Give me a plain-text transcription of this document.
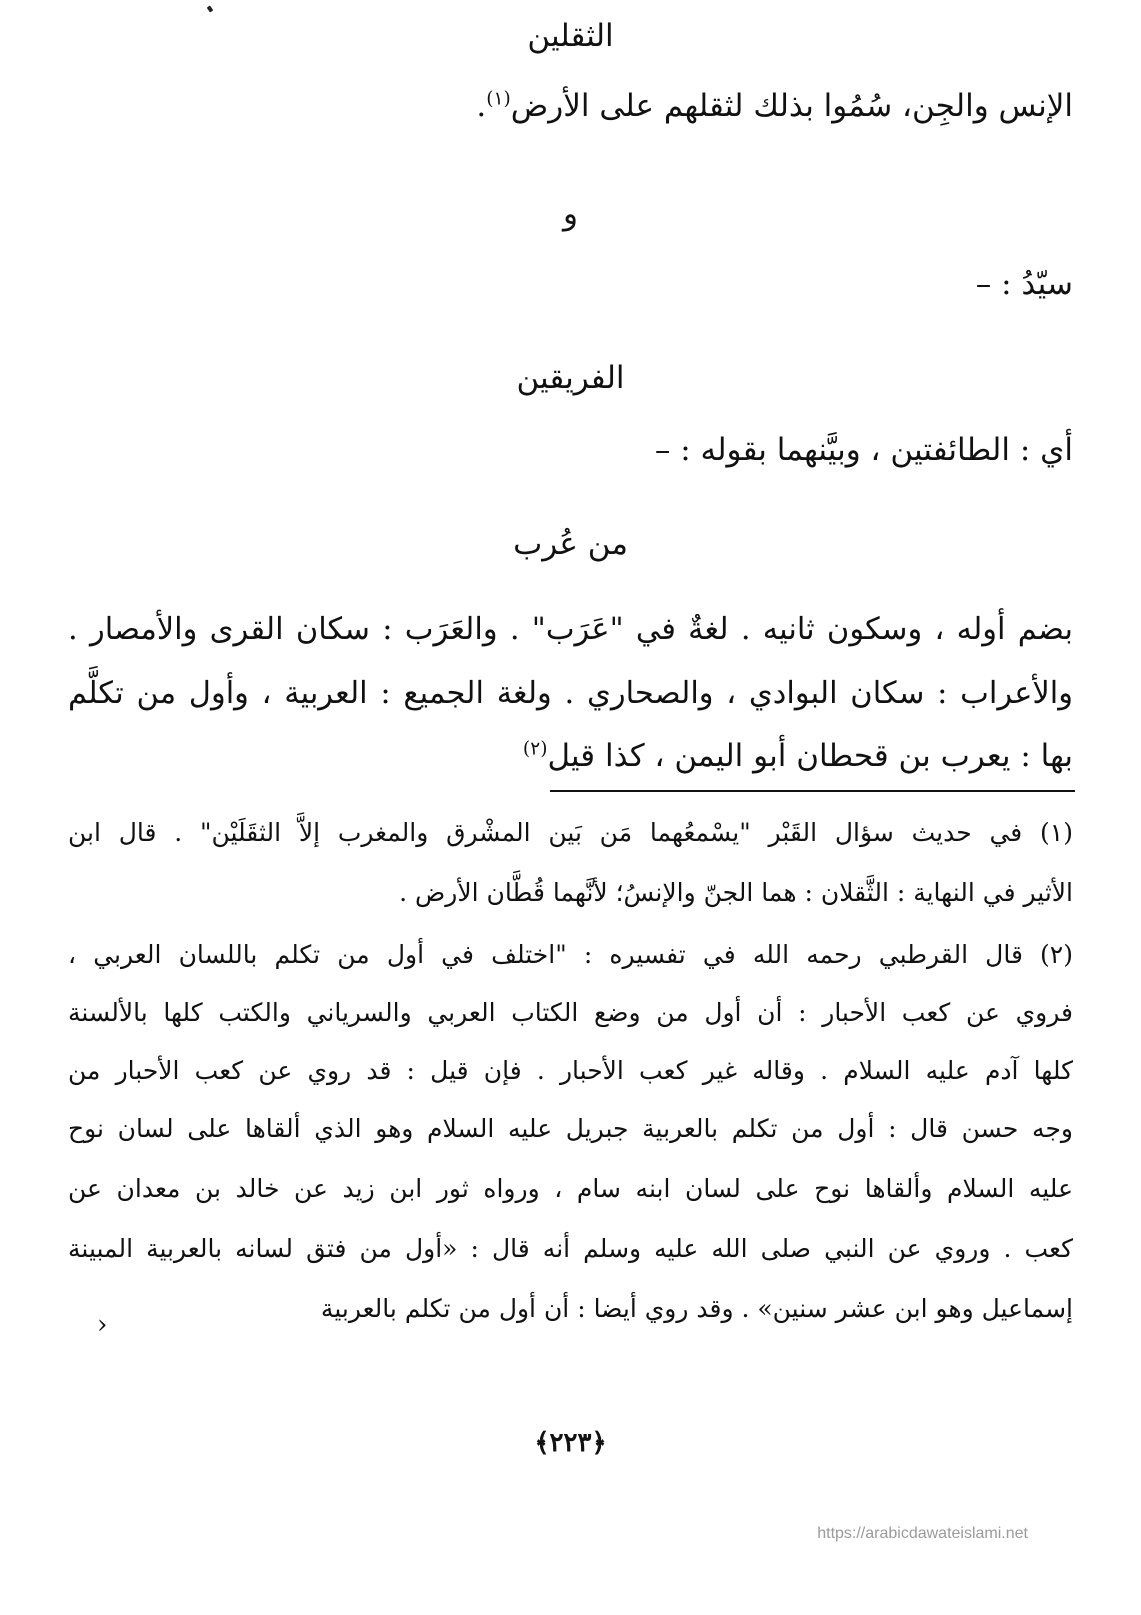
الثقلين
الإنس والجِن، سُمُوا بذلك لثقلهم على الأرض$^{(١)}$.
و
سيّدُ : –
الفريقين
أي : الطائفتين ، وبيَّنهما بقوله : –
من عُرب
بضم أوله ، وسكون ثانيه . لغةٌ في "عَرَب" . والعَرَب : سكان القرى والأمصار .
والأعراب : سكان البوادي ، والصحاري . ولغة الجميع : العربية ، وأول من تكلَّم
بها : يعرب بن قحطان أبو اليمن ، كذا قيل$^{(٢)}$
(١) في حديث سؤال القَبْر "يسْمعُهما مَن بَين المشْرق والمغرب إلاَّ الثقَلَيْن" . قال ابن
الأثير في النهاية : الثَّقلان : هما الجنّ والإنسُ؛ لأنَّهما قُطَّان الأرض .
(٢) قال القرطبي رحمه الله في تفسيره : "اختلف في أول من تكلم باللسان العربي ،
فروي عن كعب الأحبار : أن أول من وضع الكتاب العربي والسرياني والكتب كلها بالألسنة
كلها آدم عليه السلام . وقاله غير كعب الأحبار . فإن قيل : قد روي عن كعب الأحبار من
وجه حسن قال : أول من تكلم بالعربية جبريل عليه السلام وهو الذي ألقاها على لسان نوح
عليه السلام وألقاها نوح على لسان ابنه سام ، ورواه ثور ابن زيد عن خالد بن معدان عن
كعب . وروي عن النبي صلى الله عليه وسلم أنه قال : «أول من فتق لسانه بالعربية المبينة
إسماعيل وهو ابن عشر سنين» . وقد روي أيضا : أن أول من تكلم بالعربية
›
﴿٢٢٣﴾
https://arabicdawateislami.net
